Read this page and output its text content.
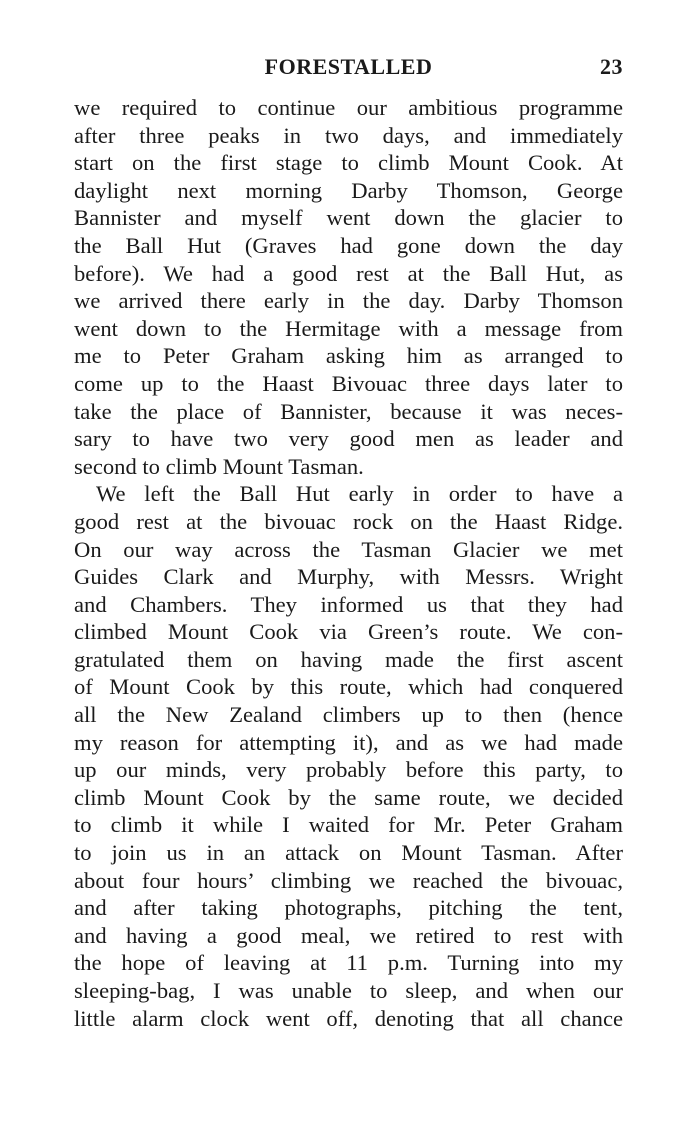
FORESTALLED	23

we required to continue our ambitious programme
after three peaks in two days, and immediately
start on the first stage to climb Mount Cook. At
daylight next morning Darby Thomson, George
Bannister and myself went down the glacier to
the Ball Hut (Graves had gone down the day
before). We had a good rest at the Ball Hut, as
we arrived there early in the day. Darby Thomson
went down to the Hermitage with a message from
me to Peter Graham asking him as arranged to
come up to the Haast Bivouac three days later to
take the place of Bannister, because it was neces-
sary to have two very good men as leader and
second to climb Mount Tasman.

We left the Ball Hut early in order to have a
good rest at the bivouac rock on the Haast Ridge.
On our way across the Tasman Glacier we met
Guides Clark and Murphy, with Messrs. Wright
and Chambers. They informed us that they had
climbed Mount Cook via Green’s route. We con-
gratulated them on having made the first ascent
of Mount Cook by this route, which had conquered
all the New Zealand climbers up to then (hence
my reason for attempting it), and as we had made
up our minds, very probably before this party, to
climb Mount Cook by the same route, we decided
to climb it while I waited for Mr. Peter Graham
to join us in an attack on Mount Tasman. After
about four hours’ climbing we reached the bivouac,
and after taking photographs, pitching the tent,
and having a good meal, we retired to rest with
the hope of leaving at 11 p.m. Turning into my
sleeping-bag, I was unable to sleep, and when our
little alarm clock went off, denoting that all chance
